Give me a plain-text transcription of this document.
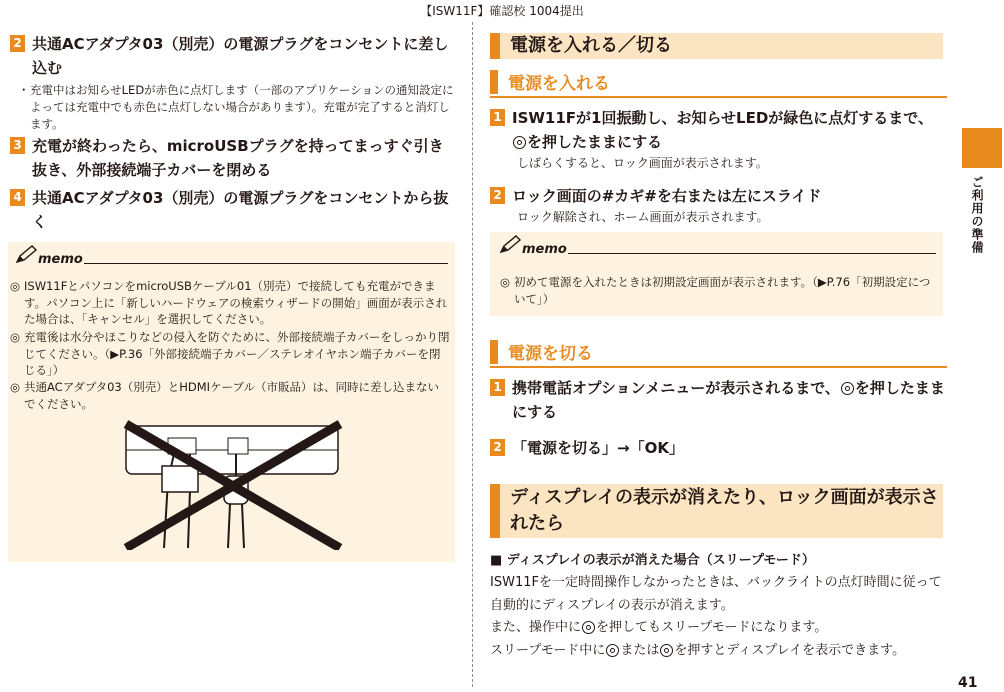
【ISW11F】確認校 1004提出
2 共通ACアダプタ03（別売）の電源プラグをコンセントに差し込む
・ 充電中はお知らせLEDが赤色に点灯します（一部のアプリケーションの通知設定によっては充電中でも赤色に点灯しない場合があります）。充電が完了すると消灯します。
3 充電が終わったら、microUSBプラグを持ってまっすぐ引き抜き、外部接続端子カバーを閉める
4 共通ACアダプタ03（別売）の電源プラグをコンセントから抜く
memo
◎ ISW11FとパソコンをmicroUSBケーブル01（別売）で接続しても充電ができます。パソコン上に「新しいハードウェアの検索ウィザードの開始」画面が表示された場合は、「キャンセル」を選択してください。
◎ 充電後は水分やほこりなどの侵入を防ぐために、外部接続端子カバーをしっかり閉じてください。（▶P.36「外部接続端子カバー／ステレオイヤホン端子カバーを閉じる」）
◎ 共通ACアダプタ03（別売）とHDMIケーブル（市販品）は、同時に差し込まないでください。
電源を入れる／切る
電源を入れる
1 ISW11Fが1回振動し、お知らせLEDが緑色に点灯するまで、を押したままにする
しばらくすると、ロック画面が表示されます。
2 ロック画面の#カギ#を右または左にスライド
ロック解除され、ホーム画面が表示されます。
memo
◎ 初めて電源を入れたときは初期設定画面が表示されます。（▶P.76「初期設定について」）
電源を切る
1 携帯電話オプションメニューが表示されるまで、 を押したままにする
2 「電源を切る」→「OK」
ディスプレイの表示が消えたり、ロック画面が表示されたら
■ ディスプレイの表示が消えた場合（スリープモード）
ISW11Fを一定時間操作しなかったときは、バックライトの点灯時間に従って自動的にディスプレイの表示が消えます。
また、操作中に を押してもスリープモードになります。
スリープモード中に または を押すとディスプレイを表示できます。
ご利用の準備
41
